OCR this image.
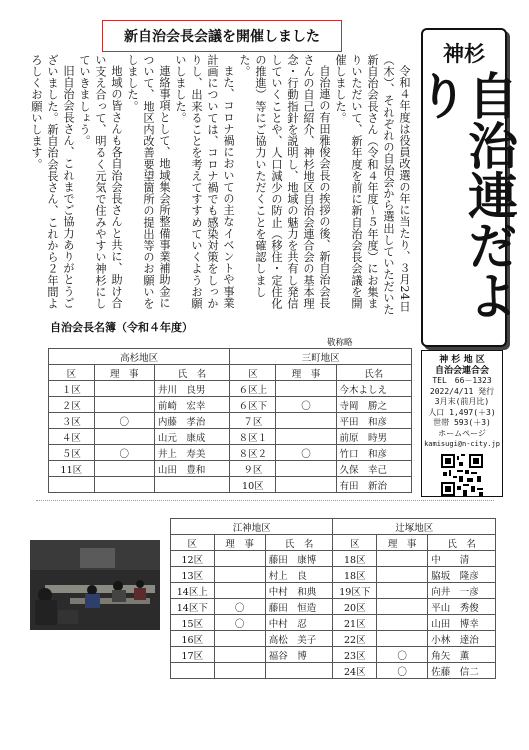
新自治会長会議を開催しました

令和４年度は役員改選の年に当たり、３月24日（木）、それぞれの自治会から選出していただいた新自治会長さん（令和４年度～５年度）にお集まりいただいて、新年度を前に新自治会長会議を開催しました。

自治連の有田雅俊会長の挨拶の後、新自治会長さんの自己紹介、神杉地区自治会連合会の基本理念・行動指針を説明し、地域の魅力を共有し発信していくことや、人口減少の防止（移住・定住化の推進）等にご協力いただくことを確認しました。

また、コロナ禍においての主なイベントや事業計画については、コロナ禍でも感染対策をしっかりし、出来ることを考えてすすめていくようお願いしました。

連絡事項として、地域集会所整備事業補助金について、地区内改善要望箇所の提出等のお願いをしました。

地域の皆さんも各自治会長さんと共に、助け合い支え合って、明るく元気で住みやすい神杉にしていきましょう。

旧自治会長さん、これまでご協力ありがとうございました。新自治会長さん、これから２年間よろしくお願いします。	神杉
自治連だより
神 杉 地 区
自治会連合会
TEL　66－1323
2022/4/11 発行
3月末(前月比)
人口 1,497(＋3)
世帯 593(＋3)
ホームページ
kamisugi@n-city.jp
自治会長名簿（令和４年度）
敬称略
高杉地区			三町地区		
区	理　事	氏　名	区	理　事	氏名
１区		井川　良男	６区上		今木よしえ
２区		前崎　宏幸	６区下	〇	寺岡　勝之
３区	〇	内藤　孝治	７区		平田　和彦
４区		山元　康成	８区１		前原　時男
５区	〇	井上　寿美	８区２	〇	竹口　和彦
11区		山田　豊和	９区		久保　幸己
			10区		有田　新治
江神地区			辻塚地区		
区	理　事	氏　名	区	理　事	氏　名
12区		藤田　康博	18区		中　　清
13区		村上　良	18区		脇坂　隆彦
14区上		中村　和典	19区下		向井　一彦
14区下	〇	藤田　恒造	20区		平山　秀俊
15区	〇	中村　忍	21区		山田　博幸
16区		高松　美子	22区		小林　達治
17区		福谷　博	23区	〇	角矢　薫
			24区	〇	佐藤　信二
